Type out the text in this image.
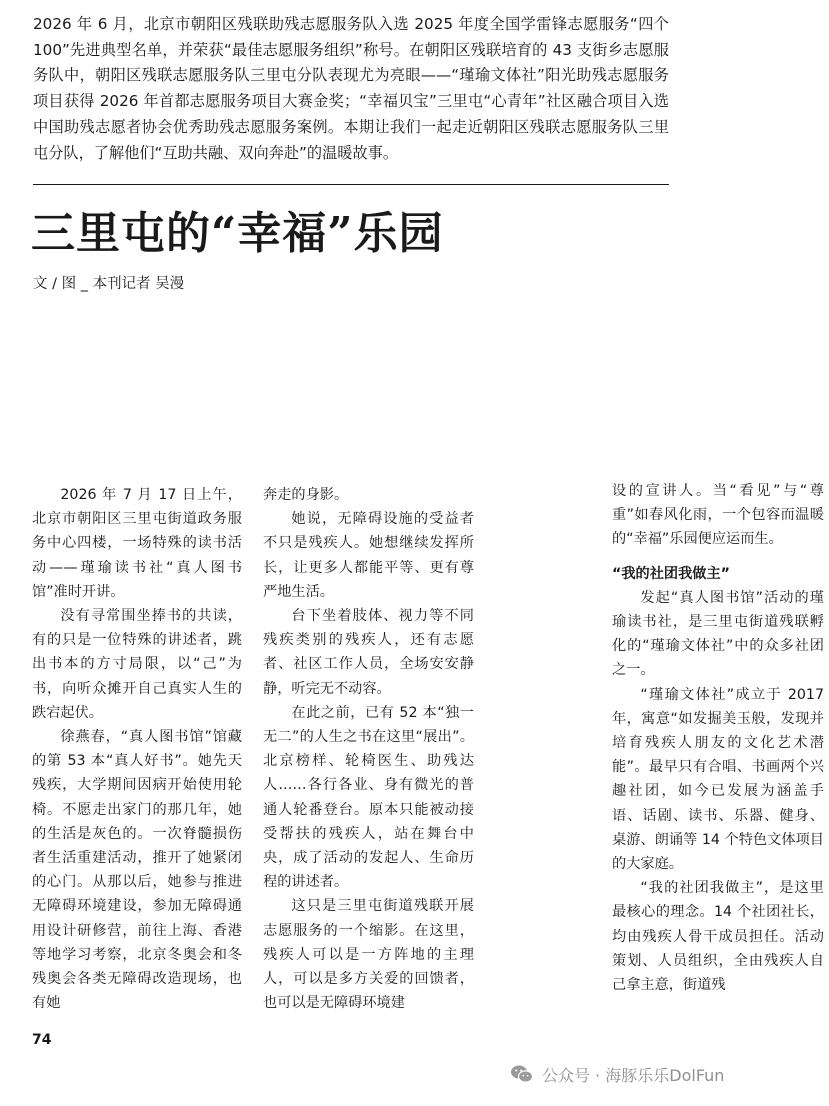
2026 年 6 月，北京市朝阳区残联助残志愿服务队入选 2025 年度全国学雷锋志愿服务“四个100”先进典型名单，并荣获“最佳志愿服务组织”称号。在朝阳区残联培育的 43 支街乡志愿服务队中，朝阳区残联志愿服务队三里屯分队表现尤为亮眼——“瑾瑜文体社”阳光助残志愿服务项目获得 2026 年首都志愿服务项目大赛金奖；“幸福贝宝”三里屯“心青年”社区融合项目入选中国助残志愿者协会优秀助残志愿服务案例。本期让我们一起走近朝阳区残联志愿服务队三里屯分队，了解他们“互助共融、双向奔赴”的温暖故事。

三里屯的“幸福”乐园

文 / 图 _ 本刊记者 吴漫

2026 年 7 月 17 日上午，北京市朝阳区三里屯街道政务服务中心四楼，一场特殊的读书活动——瑾瑜读书社“真人图书馆”准时开讲。

没有寻常围坐捧书的共读，有的只是一位特殊的讲述者，跳出书本的方寸局限，以“己”为书，向听众摊开自己真实人生的跌宕起伏。

徐燕春，“真人图书馆”馆藏的第 53 本“真人好书”。她先天残疾，大学期间因病开始使用轮椅。不愿走出家门的那几年，她的生活是灰色的。一次脊髓损伤者生活重建活动，推开了她紧闭的心门。从那以后，她参与推进无障碍环境建设，参加无障碍通用设计研修营，前往上海、香港等地学习考察，北京冬奥会和冬残奥会各类无障碍改造现场，也有她

奔走的身影。

她说，无障碍设施的受益者不只是残疾人。她想继续发挥所长，让更多人都能平等、更有尊严地生活。

台下坐着肢体、视力等不同残疾类别的残疾人，还有志愿者、社区工作人员，全场安安静静，听完无不动容。

在此之前，已有 52 本“独一无二”的人生之书在这里“展出”。北京榜样、轮椅医生、助残达人……各行各业、身有微光的普通人轮番登台。原本只能被动接受帮扶的残疾人，站在舞台中央，成了活动的发起人、生命历程的讲述者。

这只是三里屯街道残联开展志愿服务的一个缩影。在这里，残疾人可以是一方阵地的主理人，可以是多方关爱的回馈者，也可以是无障碍环境建

设的宣讲人。当“看见”与“尊重”如春风化雨，一个包容而温暖的“幸福”乐园便应运而生。

“我的社团我做主”

发起“真人图书馆”活动的瑾瑜读书社，是三里屯街道残联孵化的“瑾瑜文体社”中的众多社团之一。

“瑾瑜文体社”成立于 2017 年，寓意“如发掘美玉般，发现并培育残疾人朋友的文化艺术潜能”。最早只有合唱、书画两个兴趣社团，如今已发展为涵盖手语、话剧、读书、乐器、健身、桌游、朗诵等 14 个特色文体项目的大家庭。

“我的社团我做主”，是这里最核心的理念。14 个社团社长，均由残疾人骨干成员担任。活动策划、人员组织，全由残疾人自己拿主意，街道残

74
公众号 · 海豚乐乐DolFun
